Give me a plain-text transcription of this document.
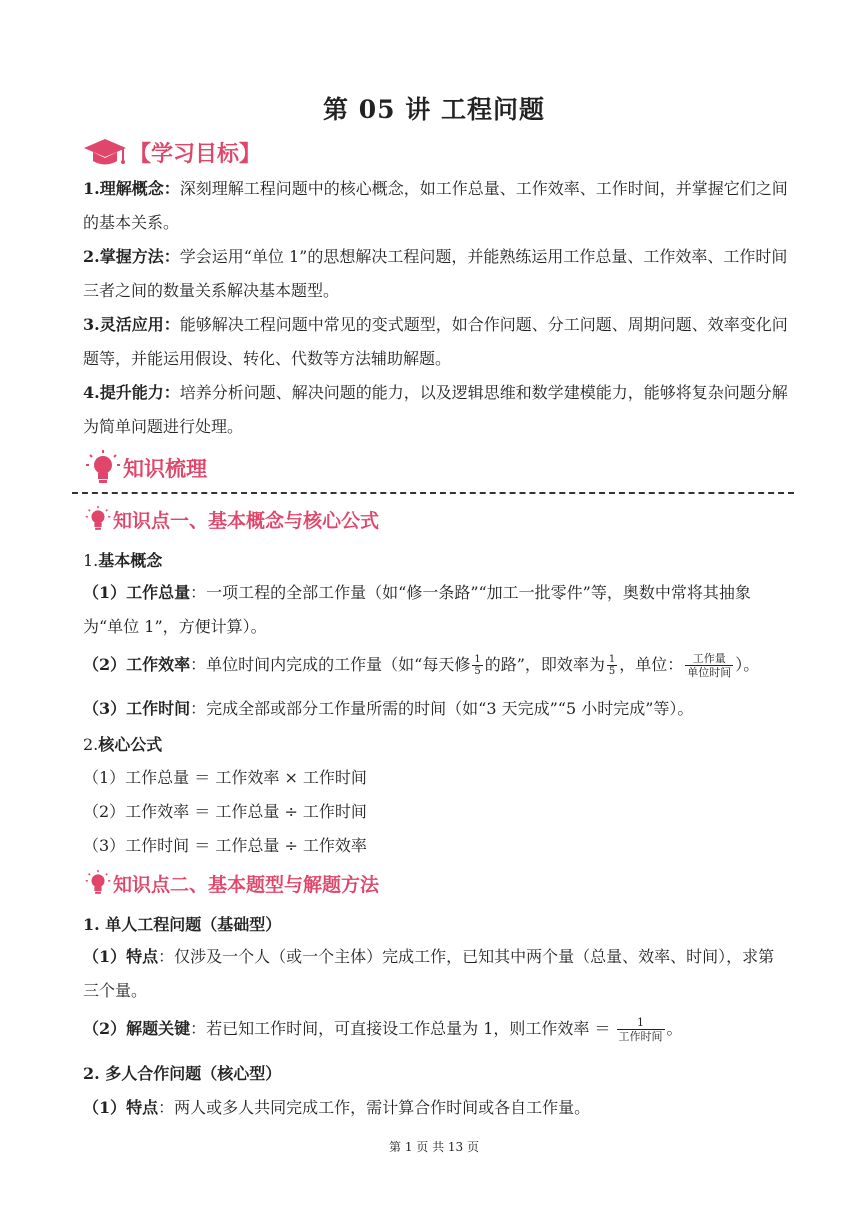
第 05 讲 工程问题
【学习目标】
1.理解概念：深刻理解工程问题中的核心概念，如工作总量、工作效率、工作时间，并掌握它们之间的基本关系。
2.掌握方法：学会运用“单位 1”的思想解决工程问题，并能熟练运用工作总量、工作效率、工作时间三者之间的数量关系解决基本题型。
3.灵活应用：能够解决工程问题中常见的变式题型，如合作问题、分工问题、周期问题、效率变化问题等，并能运用假设、转化、代数等方法辅助解题。
4.提升能力：培养分析问题、解决问题的能力，以及逻辑思维和数学建模能力，能够将复杂问题分解为简单问题进行处理。
知识梳理
知识点一、基本概念与核心公式
1.基本概念
（1）工作总量：一项工程的全部工作量（如“修一条路”“加工一批零件”等，奥数中常将其抽象为“单位 1”，方便计算）。
（2）工作效率：单位时间内完成的工作量（如“每天修 $\frac{1}{5}$ 的路”，即效率为 $\frac{1}{5}$ ，单位： $\frac{\text{工作量}}{\text{单位时间}}$ ）。
（3）工作时间：完成全部或部分工作量所需的时间（如“3 天完成”“5 小时完成”等）。
2.核心公式
（1）工作总量 ＝ 工作效率 × 工作时间
（2）工作效率 ＝ 工作总量 ÷ 工作时间
（3）工作时间 ＝ 工作总量 ÷ 工作效率
知识点二、基本题型与解题方法
1. 单人工程问题（基础型）
（1）特点：仅涉及一个人（或一个主体）完成工作，已知其中两个量（总量、效率、时间），求第三个量。
（2）解题关键：若已知工作时间，可直接设工作总量为 1，则工作效率 ＝ $\frac{1}{\text{工作时间}}$ 。
2. 多人合作问题（核心型）
（1）特点：两人或多人共同完成工作，需计算合作时间或各自工作量。
第 1 页 共 13 页
